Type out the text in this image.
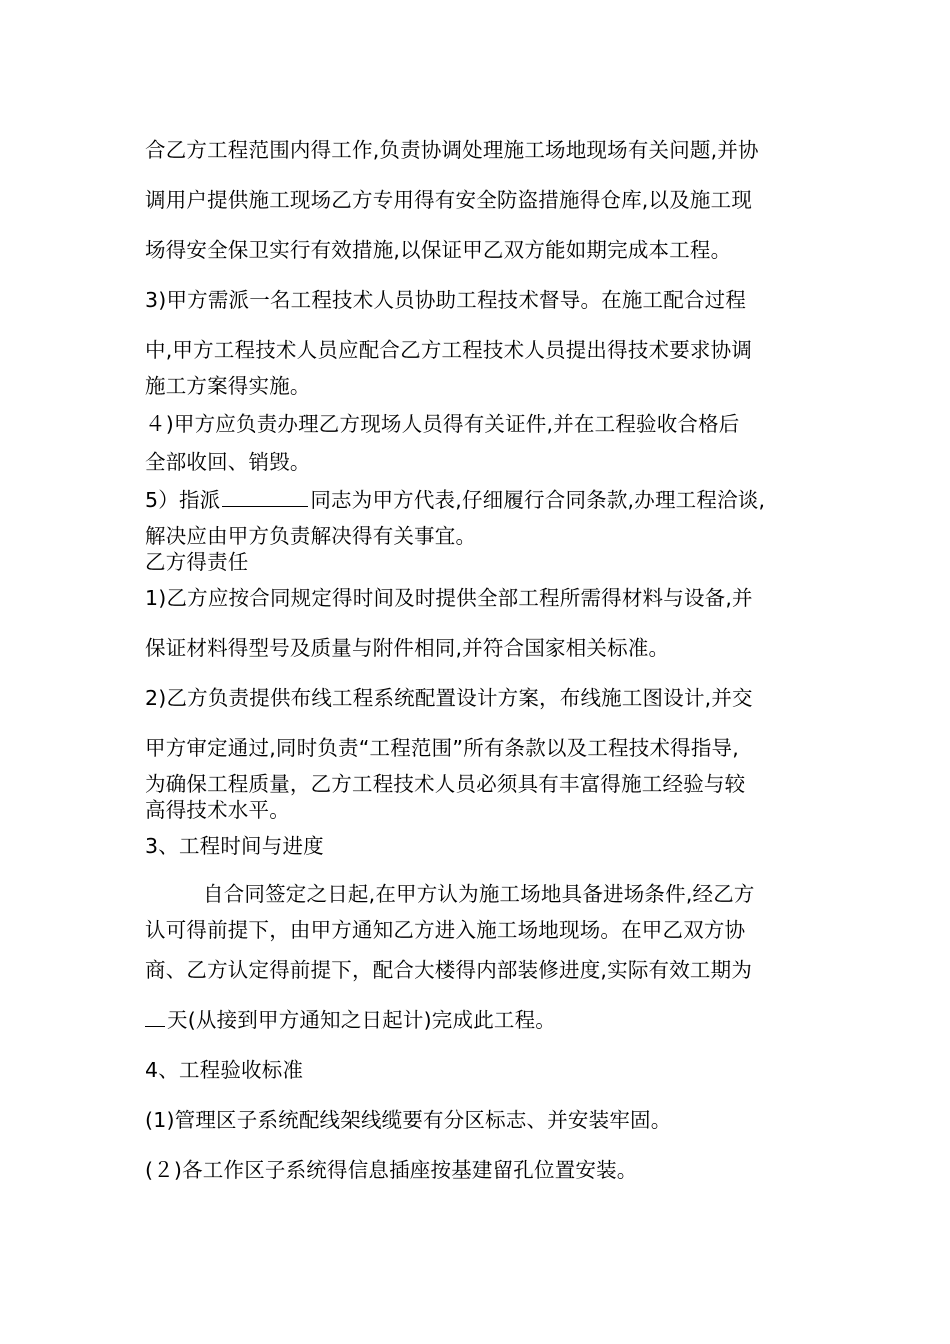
合乙方工程范围内得工作,负责协调处理施工场地现场有关问题,并协
调用户提供施工现场乙方专用得有安全防盗措施得仓库,以及施工现
场得安全保卫实行有效措施,以保证甲乙双方能如期完成本工程。
3)甲方需派一名工程技术人员协助工程技术督导。在施工配合过程
中,甲方工程技术人员应配合乙方工程技术人员提出得技术要求协调
施工方案得实施。
４)甲方应负责办理乙方现场人员得有关证件,并在工程验收合格后
全部收回、销毁。
5）指派	同志为甲方代表,仔细履行合同条款,办理工程洽谈,
解决应由甲方负责解决得有关事宜。
乙方得责任
1)乙方应按合同规定得时间及时提供全部工程所需得材料与设备,并
保证材料得型号及质量与附件相同,并符合国家相关标准。
2)乙方负责提供布线工程系统配置设计方案，布线施工图设计,并交
甲方审定通过,同时负责“工程范围”所有条款以及工程技术得指导,
为确保工程质量，乙方工程技术人员必须具有丰富得施工经验与较
高得技术水平。
3、工程时间与进度
自合同签定之日起,在甲方认为施工场地具备进场条件,经乙方
认可得前提下，由甲方通知乙方进入施工场地现场。在甲乙双方协
商、乙方认定得前提下，配合大楼得内部装修进度,实际有效工期为
天(从接到甲方通知之日起计)完成此工程。
4、工程验收标准
(1)管理区子系统配线架线缆要有分区标志、并安装牢固。
(２)各工作区子系统得信息插座按基建留孔位置安装。
